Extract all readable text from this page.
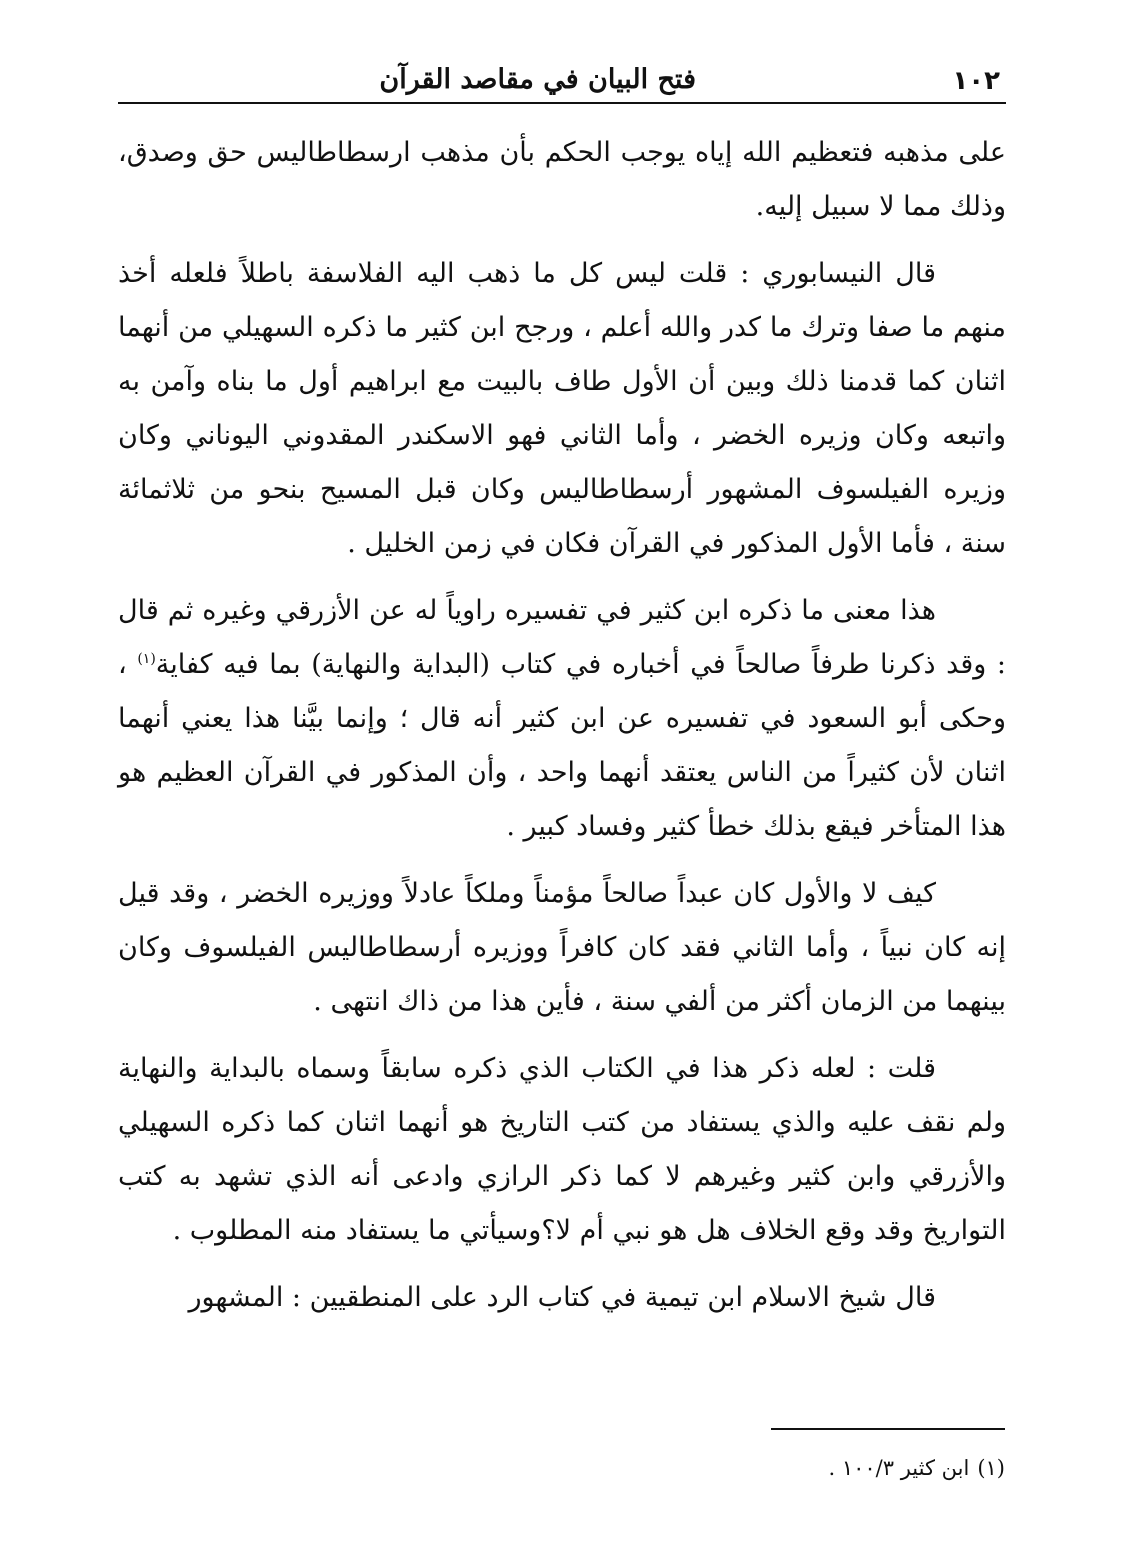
١٠٢
فتح البيان في مقاصد القرآن

على مذهبه فتعظيم الله إياه يوجب الحكم بأن مذهب ارسطاطاليس حق وصدق، وذلك مما لا سبيل إليه.

قال النيسابوري : قلت ليس كل ما ذهب اليه الفلاسفة باطلاً فلعله أخذ منهم ما صفا وترك ما كدر والله أعلم ، ورجح ابن كثير ما ذكره السهيلي من أنهما اثنان كما قدمنا ذلك وبين أن الأول طاف بالبيت مع ابراهيم أول ما بناه وآمن به واتبعه وكان وزيره الخضر ، وأما الثاني فهو الاسكندر المقدوني اليوناني وكان وزيره الفيلسوف المشهور أرسطاطاليس وكان قبل المسيح بنحو من ثلاثمائة سنة ، فأما الأول المذكور في القرآن فكان في زمن الخليل .

هذا معنى ما ذكره ابن كثير في تفسيره راوياً له عن الأزرقي وغيره ثم قال : وقد ذكرنا طرفاً صالحاً في أخباره في كتاب (البداية والنهاية) بما فيه كفاية$^{(١)}$ ، وحكى أبو السعود في تفسيره عن ابن كثير أنه قال ؛ وإنما بيَّنا هذا يعني أنهما اثنان لأن كثيراً من الناس يعتقد أنهما واحد ، وأن المذكور في القرآن العظيم هو هذا المتأخر فيقع بذلك خطأ كثير وفساد كبير .

كيف لا والأول كان عبداً صالحاً مؤمناً وملكاً عادلاً ووزيره الخضر ، وقد قيل إنه كان نبياً ، وأما الثاني فقد كان كافراً ووزيره أرسطاطاليس الفيلسوف وكان بينهما من الزمان أكثر من ألفي سنة ، فأين هذا من ذاك انتهى .

قلت : لعله ذكر هذا في الكتاب الذي ذكره سابقاً وسماه بالبداية والنهاية ولم نقف عليه والذي يستفاد من كتب التاريخ هو أنهما اثنان كما ذكره السهيلي والأزرقي وابن كثير وغيرهم لا كما ذكر الرازي وادعى أنه الذي تشهد به كتب التواريخ وقد وقع الخلاف هل هو نبي أم لا؟وسيأتي ما يستفاد منه المطلوب .

قال شيخ الاسلام ابن تيمية في كتاب الرد على المنطقيين : المشهور

(١)ابن كثير ١٠٠/٣ .
